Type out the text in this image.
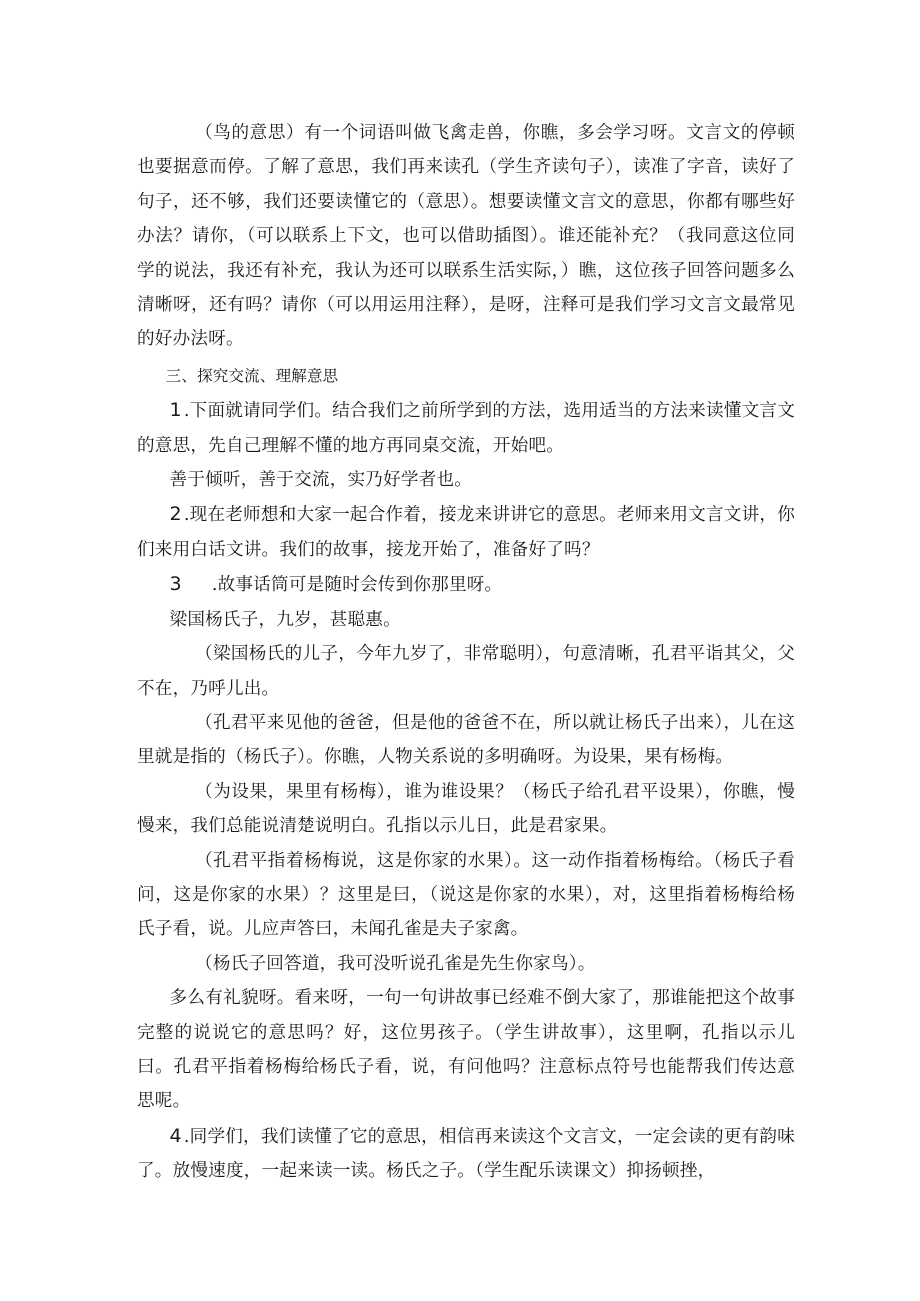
（鸟的意思）有一个词语叫做飞禽走兽，你瞧，多会学习呀。文言文的停顿也要据意而停。了解了意思，我们再来读孔（学生齐读句子），读准了字音，读好了句子，还不够，我们还要读懂它的（意思）。想要读懂文言文的意思，你都有哪些好办法？请你，（可以联系上下文，也可以借助插图）。谁还能补充？（我同意这位同学的说法，我还有补充，我认为还可以联系生活实际，）瞧，这位孩子回答问题多么清晰呀，还有吗？请你（可以用运用注释），是呀，注释可是我们学习文言文最常见的好办法呀。

三、探究交流、理解意思

1 .下面就请同学们。结合我们之前所学到的方法，选用适当的方法来读懂文言文的意思，先自己理解不懂的地方再同桌交流，开始吧。

善于倾听，善于交流，实乃好学者也。

2 .现在老师想和大家一起合作着，接龙来讲讲它的意思。老师来用文言文讲，你们来用白话文讲。我们的故事，接龙开始了，准备好了吗？

3 .故事话筒可是随时会传到你那里呀。

梁国杨氏子，九岁，甚聪惠。

（梁国杨氏的儿子，今年九岁了，非常聪明），句意清晰，孔君平诣其父，父不在，乃呼儿出。

（孔君平来见他的爸爸，但是他的爸爸不在，所以就让杨氏子出来），儿在这里就是指的（杨氏子）。你瞧，人物关系说的多明确呀。为设果，果有杨梅。

（为设果，果里有杨梅），谁为谁设果？（杨氏子给孔君平设果），你瞧，慢慢来，我们总能说清楚说明白。孔指以示儿日，此是君家果。

（孔君平指着杨梅说，这是你家的水果）。这一动作指着杨梅给。（杨氏子看问，这是你家的水果）？这里是曰，（说这是你家的水果），对，这里指着杨梅给杨氏子看，说。儿应声答曰，未闻孔雀是夫子家禽。

（杨氏子回答道，我可没听说孔雀是先生你家鸟）。

多么有礼貌呀。看来呀，一句一句讲故事已经难不倒大家了，那谁能把这个故事完整的说说它的意思吗？好，这位男孩子。（学生讲故事），这里啊，孔指以示儿曰。孔君平指着杨梅给杨氏子看，说，有问他吗？注意标点符号也能帮我们传达意思呢。

4 .同学们，我们读懂了它的意思，相信再来读这个文言文，一定会读的更有韵味了。放慢速度，一起来读一读。杨氏之子。（学生配乐读课文）抑扬顿挫，
